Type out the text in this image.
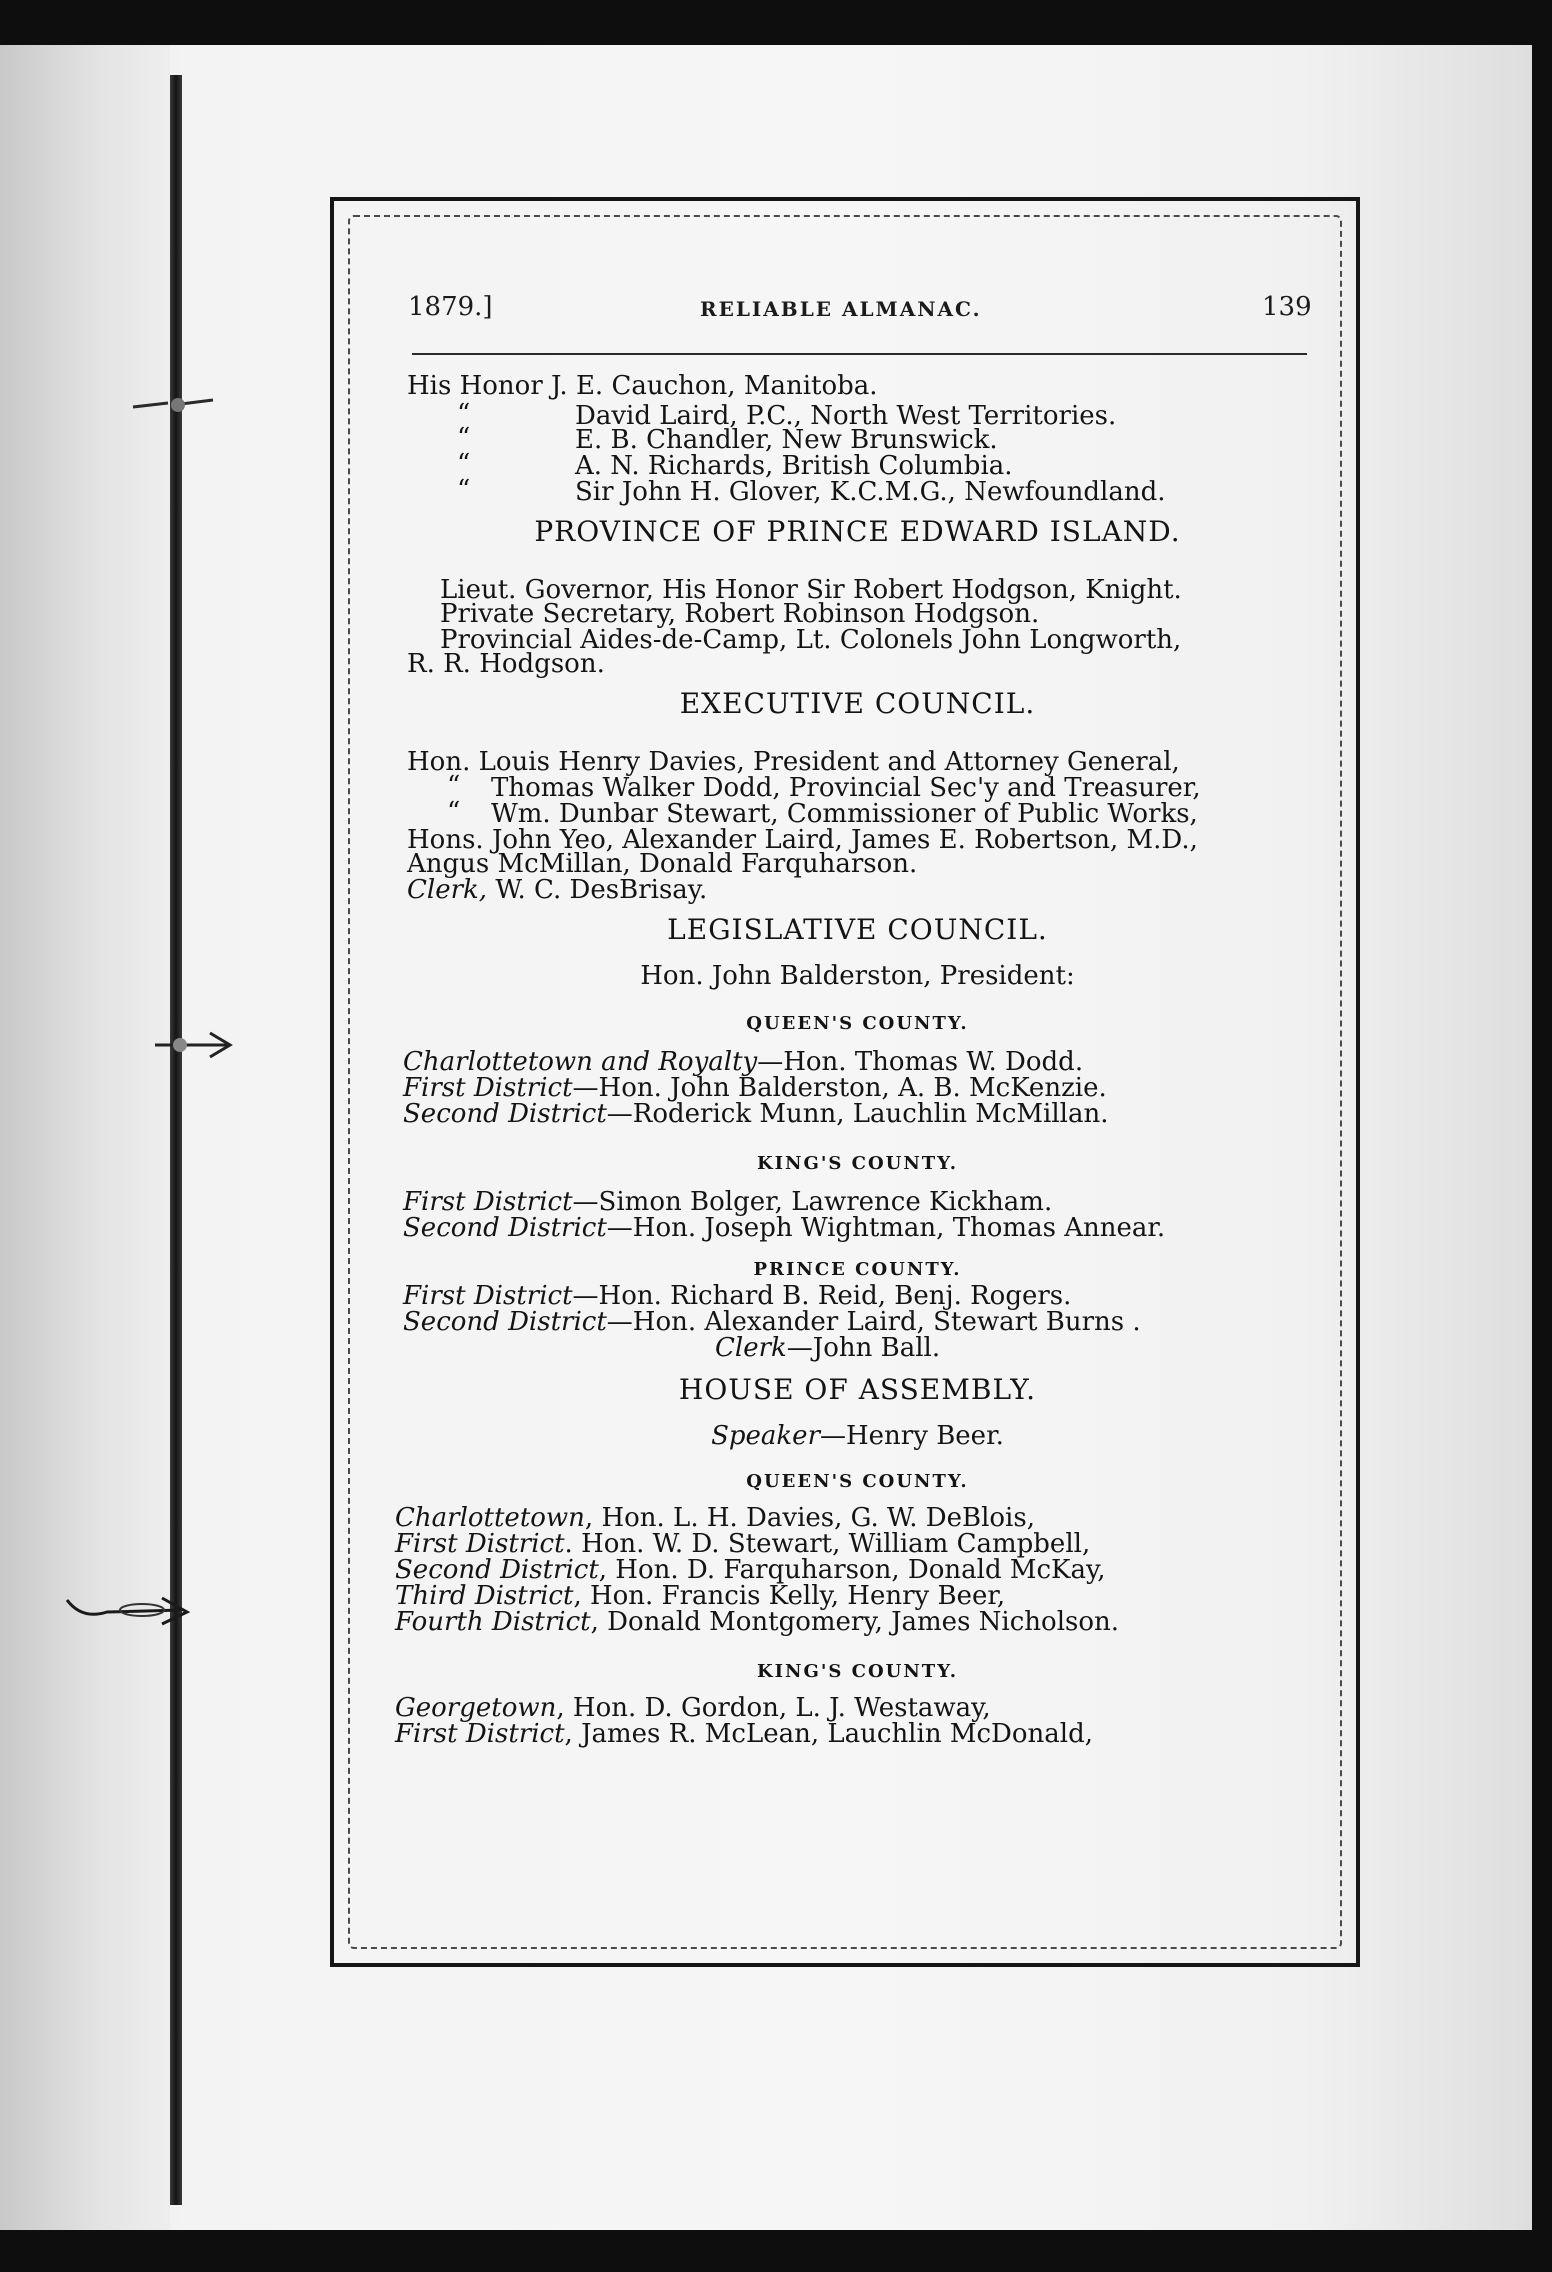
1879.]	RELIABLE ALMANAC.	139
His Honor J. E. Cauchon, Manitoba.
“	David Laird, P.C., North West Territories.
“	E. B. Chandler, New Brunswick.
“	A. N. Richards, British Columbia.
“	Sir John H. Glover, K.C.M.G., Newfoundland.
PROVINCE OF PRINCE EDWARD ISLAND.
Lieut. Governor, His Honor Sir Robert Hodgson, Knight.
Private Secretary, Robert Robinson Hodgson.
Provincial Aides-de-Camp, Lt. Colonels John Longworth,
R. R. Hodgson.
EXECUTIVE COUNCIL.
Hon. Louis Henry Davies, President and Attorney General,
“ Thomas Walker Dodd, Provincial Sec'y and Treasurer,
“ Wm. Dunbar Stewart, Commissioner of Public Works,
Hons. John Yeo, Alexander Laird, James E. Robertson, M.D.,
Angus McMillan, Donald Farquharson.
Clerk, W. C. DesBrisay.
LEGISLATIVE COUNCIL.
Hon. John Balderston, President:
QUEEN'S COUNTY.
Charlottetown and Royalty—Hon. Thomas W. Dodd.
First District—Hon. John Balderston, A. B. McKenzie.
Second District—Roderick Munn, Lauchlin McMillan.
KING'S COUNTY.
First District—Simon Bolger, Lawrence Kickham.
Second District—Hon. Joseph Wightman, Thomas Annear.
PRINCE COUNTY.
First District—Hon. Richard B. Reid, Benj. Rogers.
Second District—Hon. Alexander Laird, Stewart Burns .
Clerk—John Ball.
HOUSE OF ASSEMBLY.
Speaker—Henry Beer.
QUEEN'S COUNTY.
Charlottetown, Hon. L. H. Davies, G. W. DeBlois,
First District. Hon. W. D. Stewart, William Campbell,
Second District, Hon. D. Farquharson, Donald McKay,
Third District, Hon. Francis Kelly, Henry Beer,
Fourth District, Donald Montgomery, James Nicholson.
KING'S COUNTY.
Georgetown, Hon. D. Gordon, L. J. Westaway,
First District, James R. McLean, Lauchlin McDonald,
